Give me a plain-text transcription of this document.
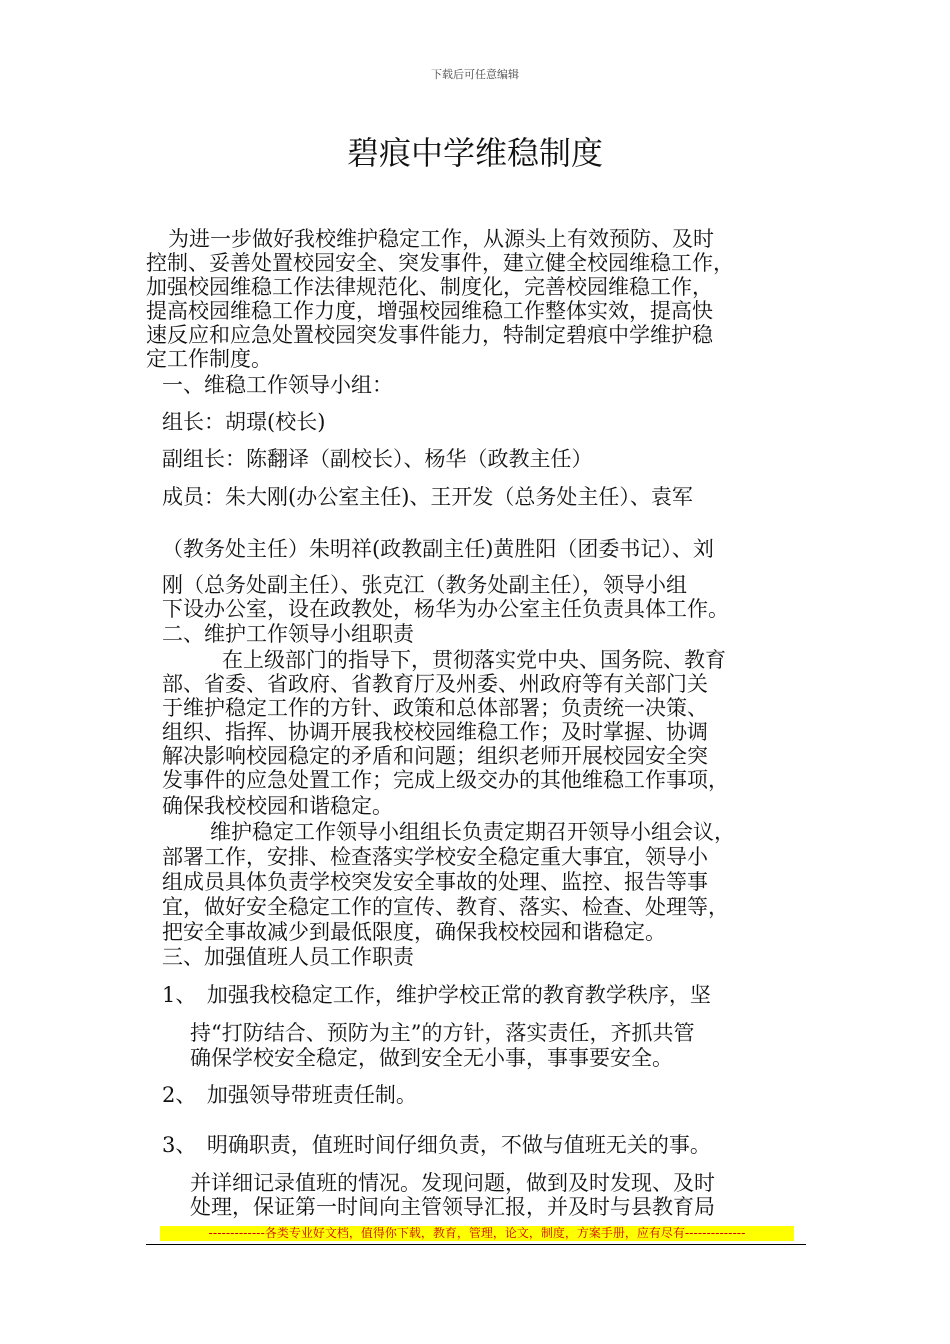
下载后可任意编辑
碧痕中学维稳制度
为进一步做好我校维护稳定工作，从源头上有效预防、及时
控制、妥善处置校园安全、突发事件，建立健全校园维稳工作，
加强校园维稳工作法律规范化、制度化，完善校园维稳工作，
提高校园维稳工作力度，增强校园维稳工作整体实效，提高快
速反应和应急处置校园突发事件能力，特制定碧痕中学维护稳
定工作制度。
一、维稳工作领导小组：
组长：胡璟(校长)
副组长：陈翻译（副校长）、杨华（政教主任）
成员：朱大刚(办公室主任)、王开发（总务处主任）、袁军
（教务处主任）朱明祥(政教副主任)黄胜阳（团委书记）、刘
刚（总务处副主任）、张克江（教务处副主任），领导小组
下设办公室，设在政教处，杨华为办公室主任负责具体工作。
二、维护工作领导小组职责
在上级部门的指导下，贯彻落实党中央、国务院、教育
部、省委、省政府、省教育厅及州委、州政府等有关部门关
于维护稳定工作的方针、政策和总体部署；负责统一决策、
组织、指挥、协调开展我校校园维稳工作；及时掌握、协调
解决影响校园稳定的矛盾和问题；组织老师开展校园安全突
发事件的应急处置工作；完成上级交办的其他维稳工作事项，
确保我校校园和谐稳定。
维护稳定工作领导小组组长负责定期召开领导小组会议，
部署工作，安排、检查落实学校安全稳定重大事宜，领导小
组成员具体负责学校突发安全事故的处理、监控、报告等事
宜，做好安全稳定工作的宣传、教育、落实、检查、处理等，
把安全事故减少到最低限度，确保我校校园和谐稳定。
三、加强值班人员工作职责
1、　加强我校稳定工作，维护学校正常的教育教学秩序，坚
持“打防结合、预防为主”的方针，落实责任，齐抓共管
确保学校安全稳定，做到安全无小事，事事要安全。
2、　加强领导带班责任制。
3、　明确职责，值班时间仔细负责，不做与值班无关的事。
并详细记录值班的情况。发现问题，做到及时发现、及时
处理，保证第一时间向主管领导汇报，并及时与县教育局
-------------各类专业好文档，值得你下载，教育，管理，论文，制度，方案手册，应有尽有--------------
